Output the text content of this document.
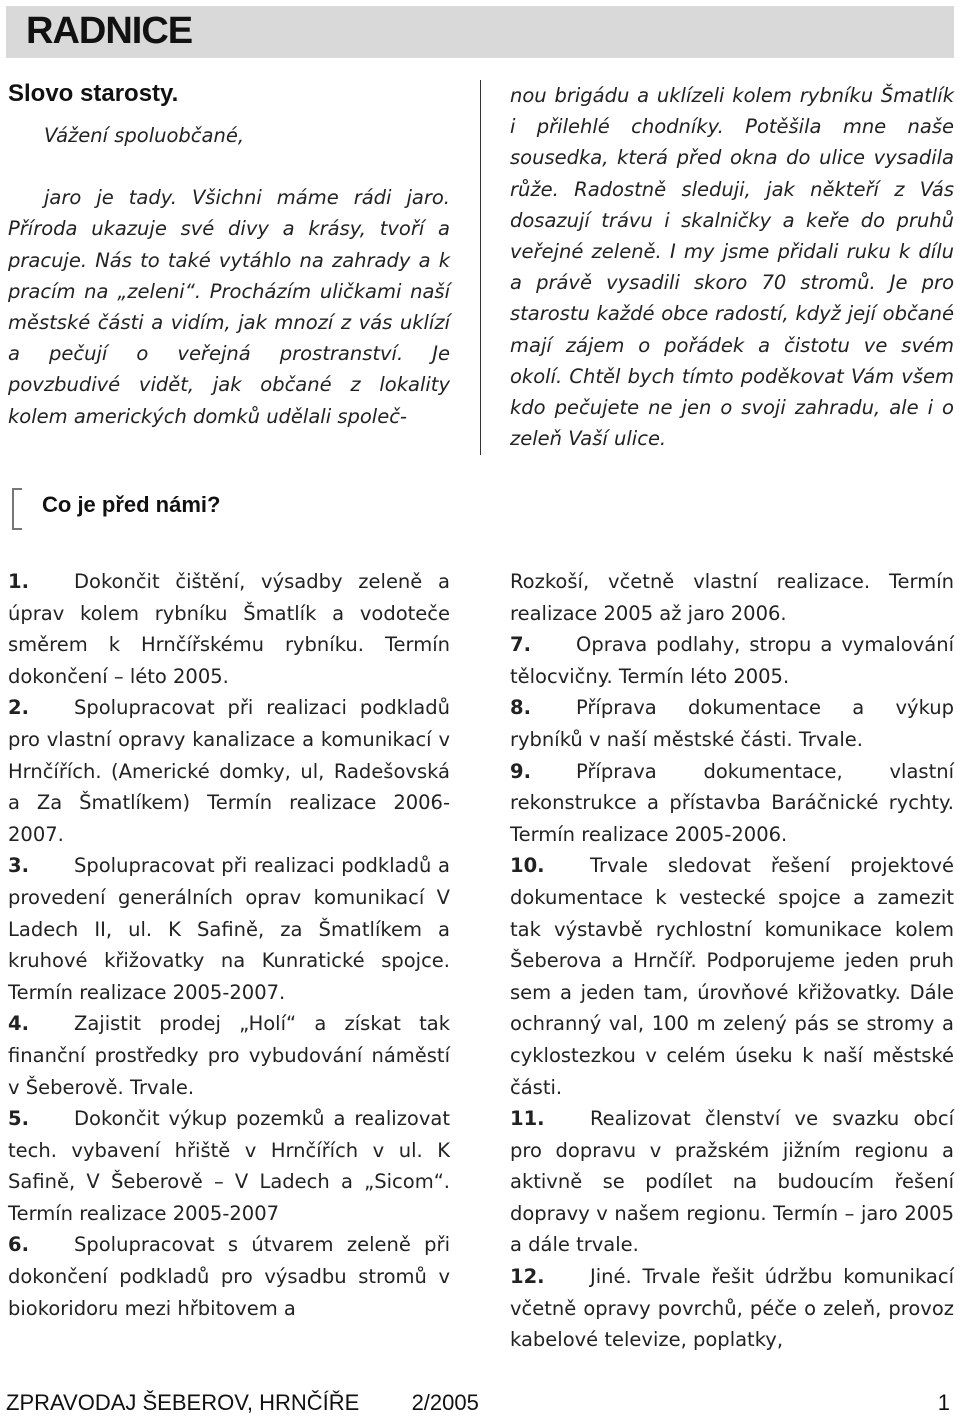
RADNICE
Slovo starosty.
Vážení spoluobčané,
jaro je tady. Všichni máme rádi jaro. Příroda ukazuje své divy a krásy, tvoří a pracuje. Nás to také vytáhlo na zahrady a k pracím na „zeleni“. Procházím uličkami naší městské části a vidím, jak mnozí z vás uklízí a pečují o veřejná prostranství. Je povzbudivé vidět, jak občané z lokality kolem amerických domků udělali společ-
nou brigádu a uklízeli kolem rybníku Šmatlík i přilehlé chodníky. Potěšila mne naše sousedka, která před okna do ulice vysadila růže. Radostně sleduji, jak někteří z Vás dosazují trávu i skalničky a keře do pruhů veřejné zeleně. I my jsme přidali ruku k dílu a právě vysadili skoro 70 stromů. Je pro starostu každé obce radostí, když její občané mají zájem o pořádek a čistotu ve svém okolí. Chtěl bych tímto poděkovat Vám všem kdo pečujete ne jen o svoji zahradu, ale i o zeleň Vaší ulice.
Co je před námi?

1. Dokončit čištění, výsadby zeleně a úprav kolem rybníku Šmatlík a vodoteče směrem k Hrnčířskému rybníku. Termín dokončení – léto 2005.

2. Spolupracovat při realizaci podkladů pro vlastní opravy kanalizace a komunikací v Hrnčířích. (Americké domky, ul, Radešovská a Za Šmatlíkem) Termín realizace 2006-2007.

3. Spolupracovat při realizaci podkladů a provedení generálních oprav komunikací V Ladech II, ul. K Safině, za Šmatlíkem a kruhové křižovatky na Kunratické spojce. Termín realizace 2005-2007.

4. Zajistit prodej „Holí“ a získat tak finanční prostředky pro vybudování náměstí v Šeberově. Trvale.

5. Dokončit výkup pozemků a realizovat tech. vybavení hřiště v Hrnčířích v ul. K Safině, V Šeberově – V Ladech a „Sicom“. Termín realizace 2005-2007

6. Spolupracovat s útvarem zeleně při dokončení podkladů pro výsadbu stromů v biokoridoru mezi hřbitovem a

Rozkoší, včetně vlastní realizace. Termín realizace 2005 až jaro 2006.

7. Oprava podlahy, stropu a vymalování tělocvičny. Termín léto 2005.

8. Příprava dokumentace a výkup rybníků v naší městské části. Trvale.

9. Příprava dokumentace, vlastní rekonstrukce a přístavba Baráčnické rychty. Termín realizace 2005-2006.

10. Trvale sledovat řešení projektové dokumentace k vestecké spojce a zamezit tak výstavbě rychlostní komunikace kolem Šeberova a Hrnčíř. Podporujeme jeden pruh sem a jeden tam, úrovňové křižovatky. Dále ochranný val, 100 m zelený pás se stromy a cyklostezkou v celém úseku k naší městské části.

11. Realizovat členství ve svazku obcí pro dopravu v pražském jižním regionu a aktivně se podílet na budoucím řešení dopravy v našem regionu. Termín – jaro 2005 a dále trvale.

12. Jiné. Trvale řešit údržbu komunikací včetně opravy povrchů, péče o zeleň, provoz kabelové televize, poplatky,

ZPRAVODAJ ŠEBEROV, HRNČÍŘE 2/2005	1
